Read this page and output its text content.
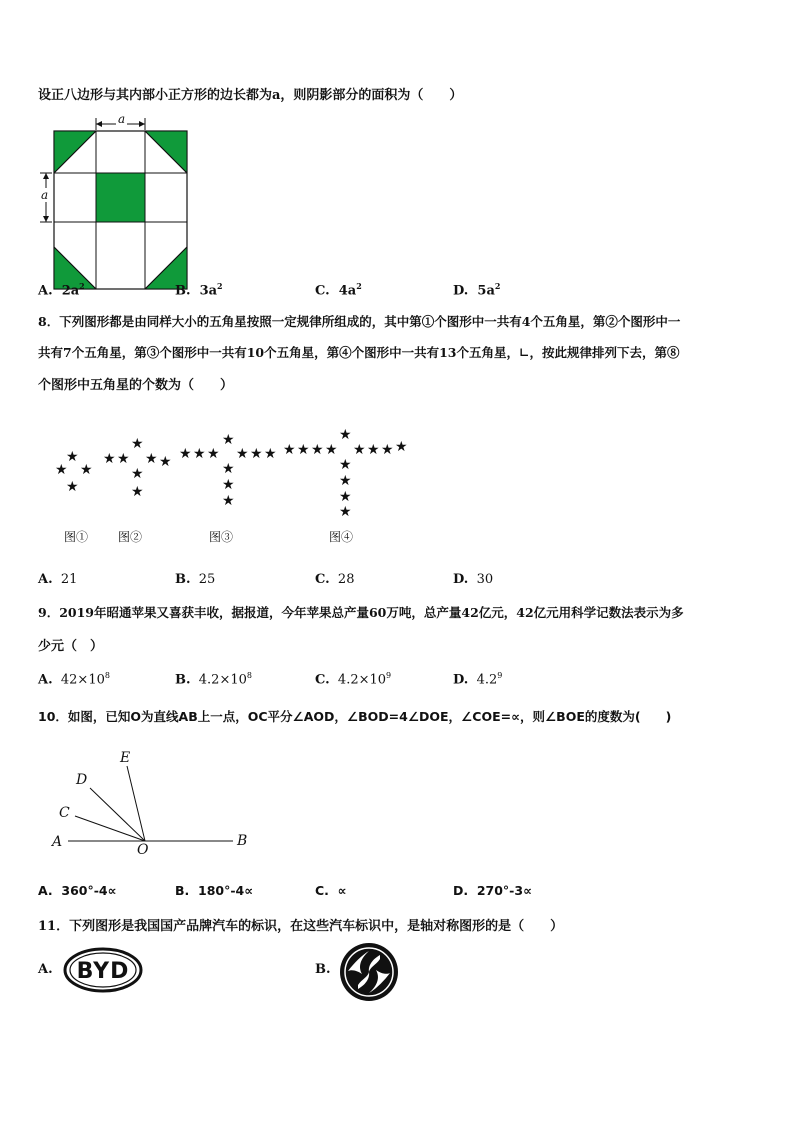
设正八边形与其内部小正方形的边长都为a，则阴影部分的面积为（　　）
a
a
A. $2a^2$	B. $3a^2$	C. $4a^2$	D. $5a^2$
8．下列图形都是由同样大小的五角星按照一定规律所组成的，其中第①个图形中一共有4个五角星，第②个图形中一
共有7个五角星，第③个图形中一共有10个五角星，第④个图形中一共有13个五角星，∟，按此规律排列下去，第⑧
个图形中五角星的个数为（　　）
★
★ ★
★
★ ★
★
★ ★
★
★
★ ★ ★
★
★ ★ ★
★
★
★
★ ★ ★ ★
★
★ ★ ★ ★
★
★
★
★
图① 图②	图③	图④
A. 21	B. 25	C. 28	D. 30
9．2019年昭通苹果又喜获丰收，据报道，今年苹果总产量60万吨，总产量42亿元，42亿元用科学记数法表示为多
少元（　）
A. $42\times 10^8$	B. $4.2\times 10^8$	C. $4.2\times 10^9$	D. $4.2^9$
10．如图，已知O为直线AB上一点，OC平分∠AOD，∠BOD=4∠DOE，∠COE=∝，则∠BOE的度数为(　　)
E
D
C
A	O
B
A. 360°-4∝	B. 180°-4∝	C. ∝	D. 270°-3∝
11．下列图形是我国国产品牌汽车的标识，在这些汽车标识中，是轴对称图形的是（　　）
A. BYD	B.
